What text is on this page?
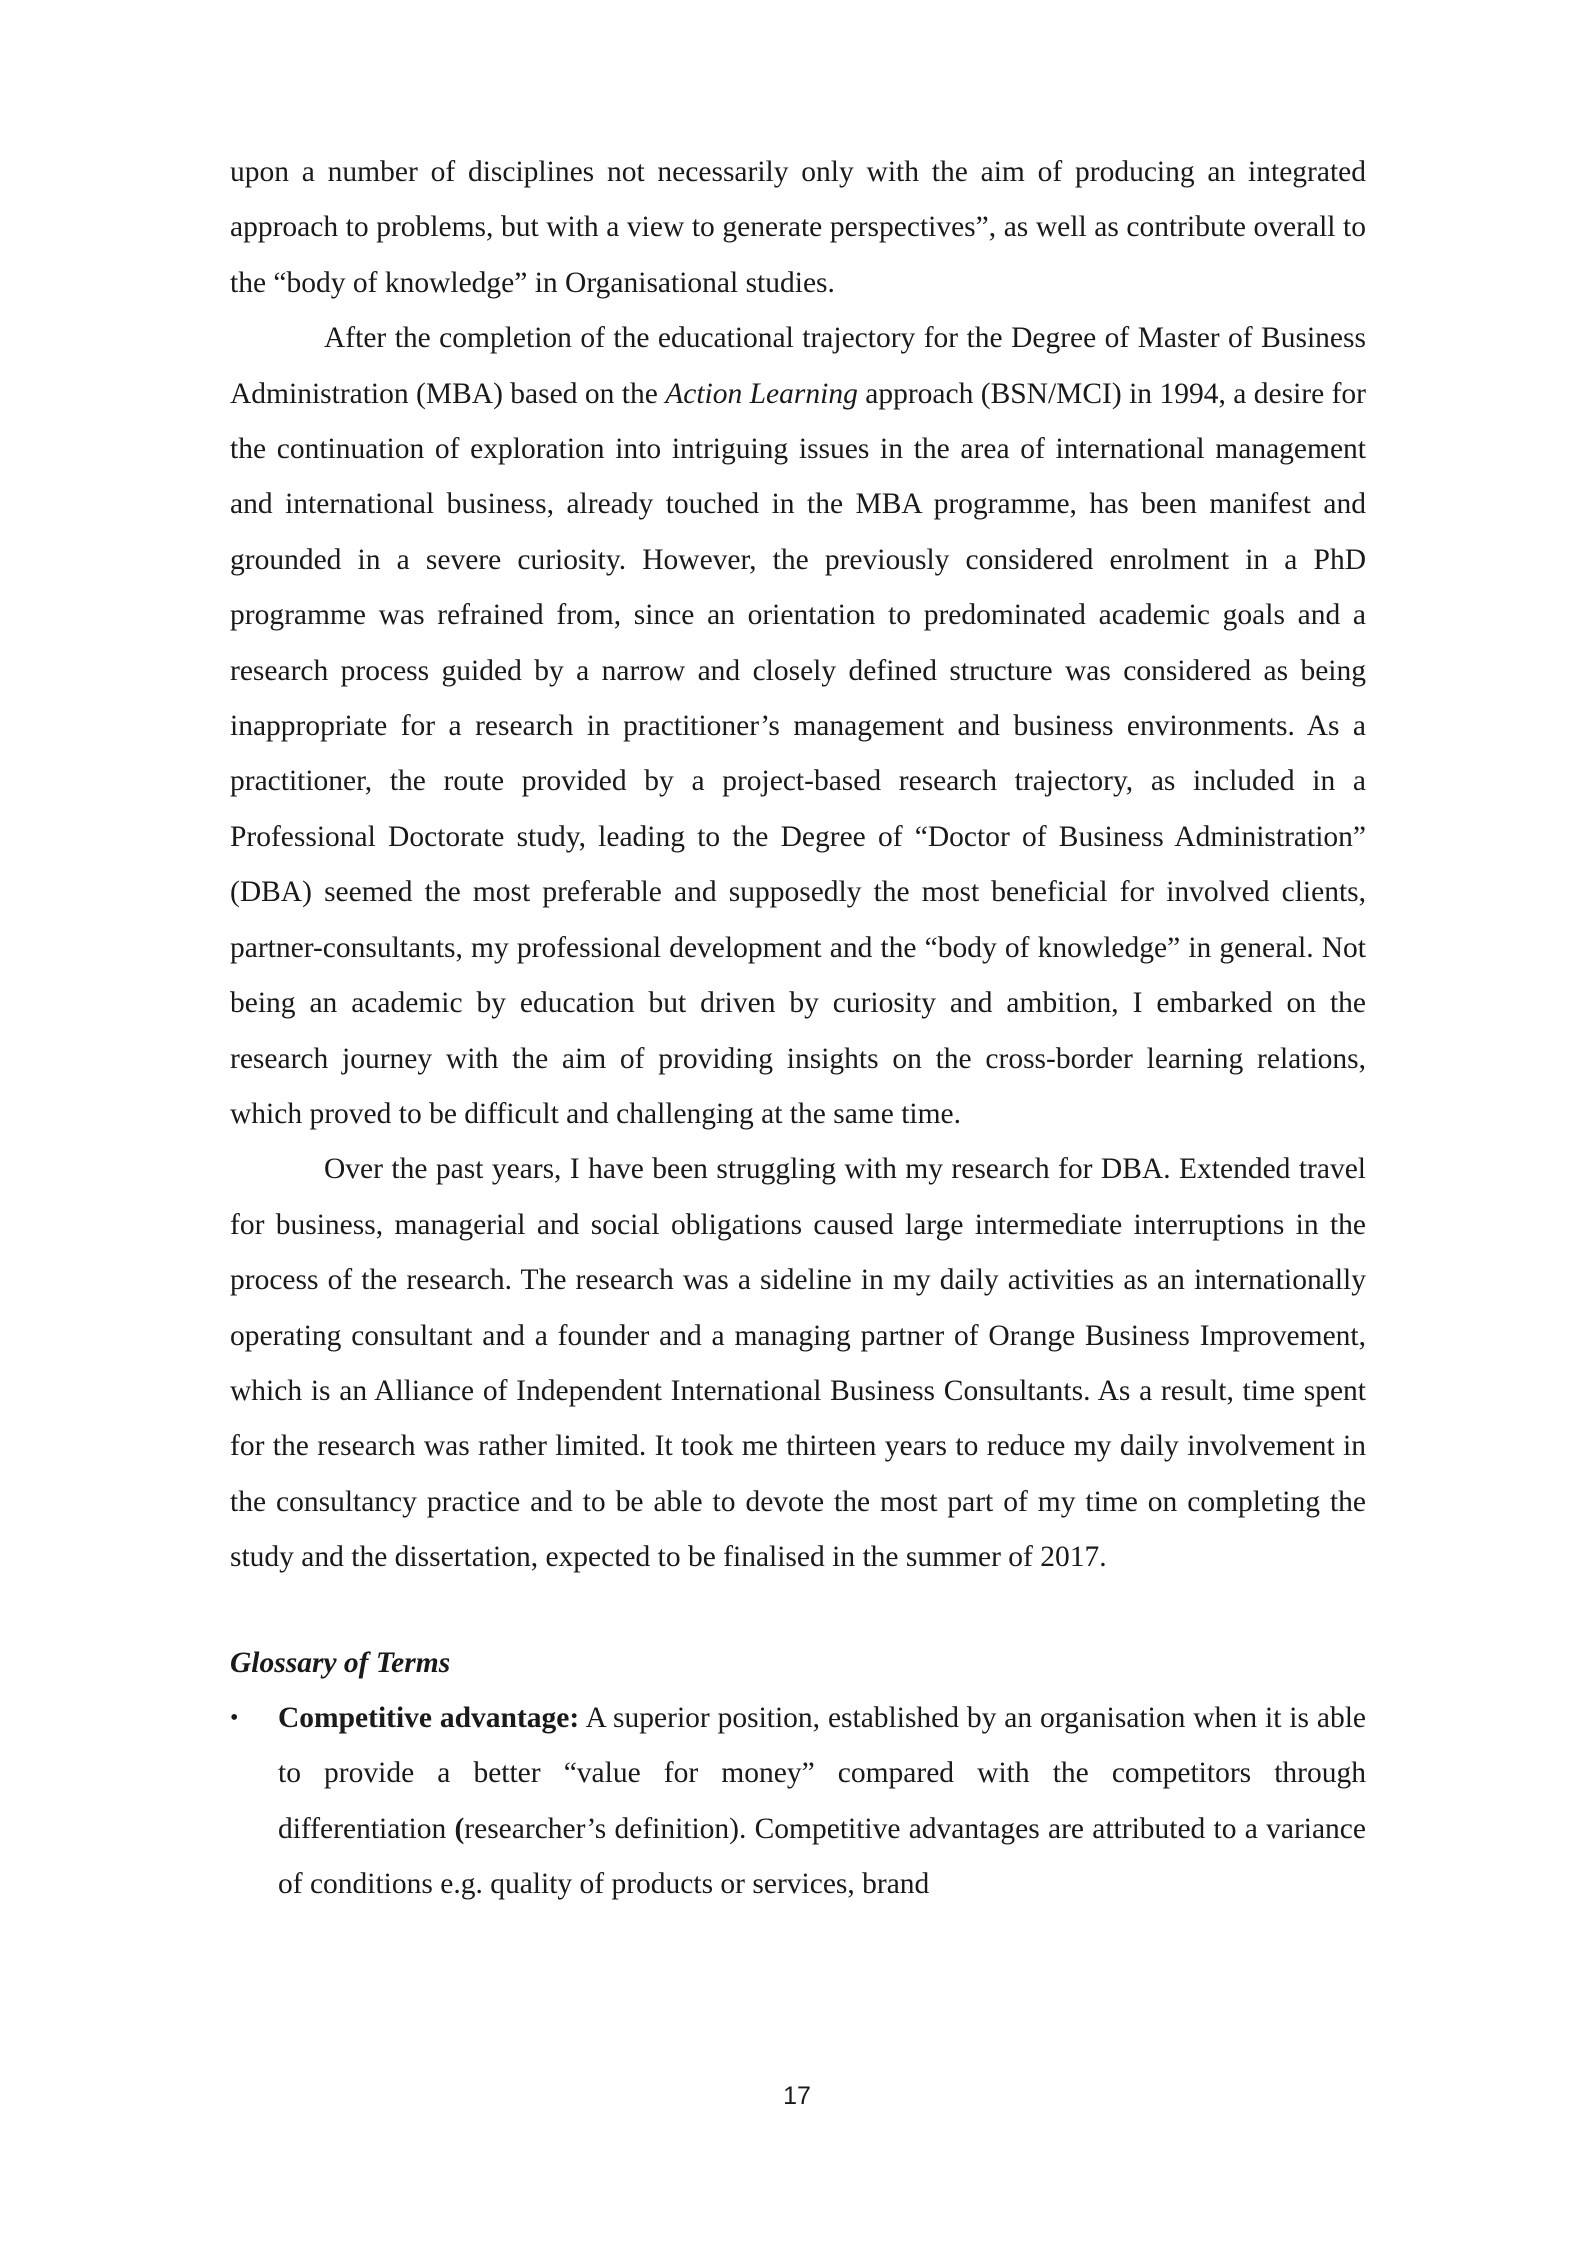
upon a number of disciplines not necessarily only with the aim of producing an integrated approach to problems, but with a view to generate perspectives”, as well as contribute overall to the “body of knowledge” in Organisational studies.

After the completion of the educational trajectory for the Degree of Master of Business Administration (MBA) based on the Action Learning approach (BSN/MCI) in 1994, a desire for the continuation of exploration into intriguing issues in the area of international management and international business, already touched in the MBA programme, has been manifest and grounded in a severe curiosity. However, the previously considered enrolment in a PhD programme was refrained from, since an orientation to predominated academic goals and a research process guided by a narrow and closely defined structure was considered as being inappropriate for a research in practitioner’s management and business environments. As a practitioner, the route provided by a project-based research trajectory, as included in a Professional Doctorate study, leading to the Degree of “Doctor of Business Administration” (DBA) seemed the most preferable and supposedly the most beneficial for involved clients, partner-consultants, my professional development and the “body of knowledge” in general. Not being an academic by education but driven by curiosity and ambition, I embarked on the research journey with the aim of providing insights on the cross-border learning relations, which proved to be difficult and challenging at the same time.

Over the past years, I have been struggling with my research for DBA. Extended travel for business, managerial and social obligations caused large intermediate interruptions in the process of the research. The research was a sideline in my daily activities as an internationally operating consultant and a founder and a managing partner of Orange Business Improvement, which is an Alliance of Independent International Business Consultants. As a result, time spent for the research was rather limited. It took me thirteen years to reduce my daily involvement in the consultancy practice and to be able to devote the most part of my time on completing the study and the dissertation, expected to be finalised in the summer of 2017.

Glossary of Terms

•	Competitive advantage: A superior position, established by an organisation when it is able to provide a better “value for money” compared with the competitors through differentiation (researcher’s definition). Competitive advantages are attributed to a variance of conditions e.g. quality of products or services, brand

17
